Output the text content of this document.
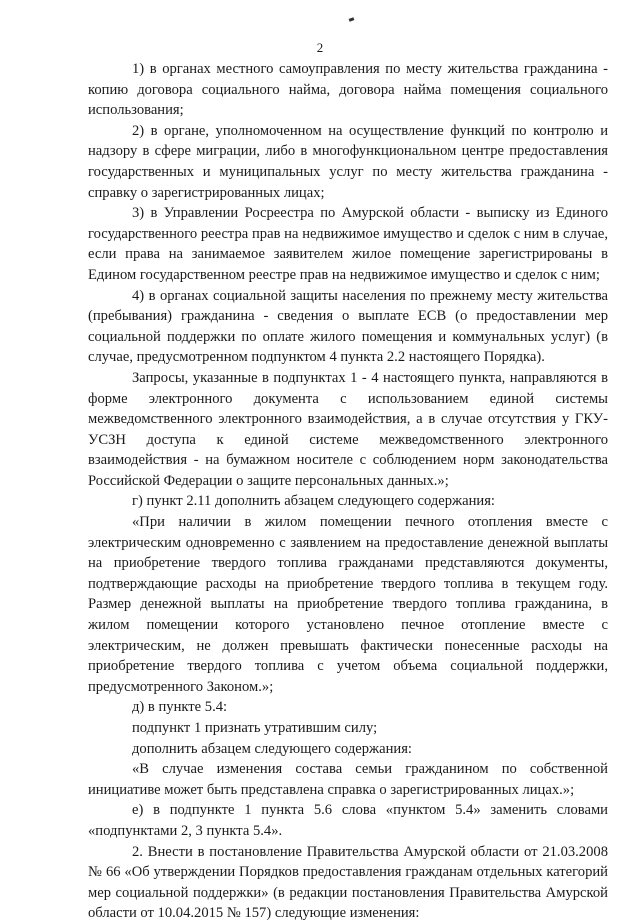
2

1) в органах местного самоуправления по месту жительства гражданина - копию договора социального найма, договора найма помещения социального использования;

2) в органе, уполномоченном на осуществление функций по контролю и надзору в сфере миграции, либо в многофункциональном центре предоставления государственных и муниципальных услуг по месту жительства гражданина - справку о зарегистрированных лицах;

3) в Управлении Росреестра по Амурской области - выписку из Единого государственного реестра прав на недвижимое имущество и сделок с ним в случае, если права на занимаемое заявителем жилое помещение зарегистрированы в Едином государственном реестре прав на недвижимое имущество и сделок с ним;

4) в органах социальной защиты населения по прежнему месту жительства (пребывания) гражданина - сведения о выплате ЕСВ (о предоставлении мер социальной поддержки по оплате жилого помещения и коммунальных услуг) (в случае, предусмотренном подпунктом 4 пункта 2.2 настоящего Порядка).

Запросы, указанные в подпунктах 1 - 4 настоящего пункта, направляются в форме электронного документа с использованием единой системы межведомственного электронного взаимодействия, а в случае отсутствия у ГКУ-УСЗН доступа к единой системе межведомственного электронного взаимодействия - на бумажном носителе с соблюдением норм законодательства Российской Федерации о защите персональных данных.»;

г) пункт 2.11 дополнить абзацем следующего содержания:

«При наличии в жилом помещении печного отопления вместе с электрическим одновременно с заявлением на предоставление денежной выплаты на приобретение твердого топлива гражданами представляются документы, подтверждающие расходы на приобретение твердого топлива в текущем году. Размер денежной выплаты на приобретение твердого топлива гражданина, в жилом помещении которого установлено печное отопление вместе с электрическим, не должен превышать фактически понесенные расходы на приобретение твердого топлива с учетом объема социальной поддержки, предусмотренного Законом.»;

д) в пункте 5.4:

подпункт 1 признать утратившим силу;

дополнить абзацем следующего содержания:

«В случае изменения состава семьи гражданином по собственной инициативе может быть представлена справка о зарегистрированных лицах.»;

е) в подпункте 1 пункта 5.6 слова «пунктом 5.4» заменить словами

«подпунктами 2, 3 пункта 5.4».

2. Внести в постановление Правительства Амурской области от 21.03.2008 № 66 «Об утверждении Порядков предоставления гражданам отдельных категорий мер социальной поддержки» (в редакции постановления Правительства Амурской области от 10.04.2015 № 157) следующие изменения:
